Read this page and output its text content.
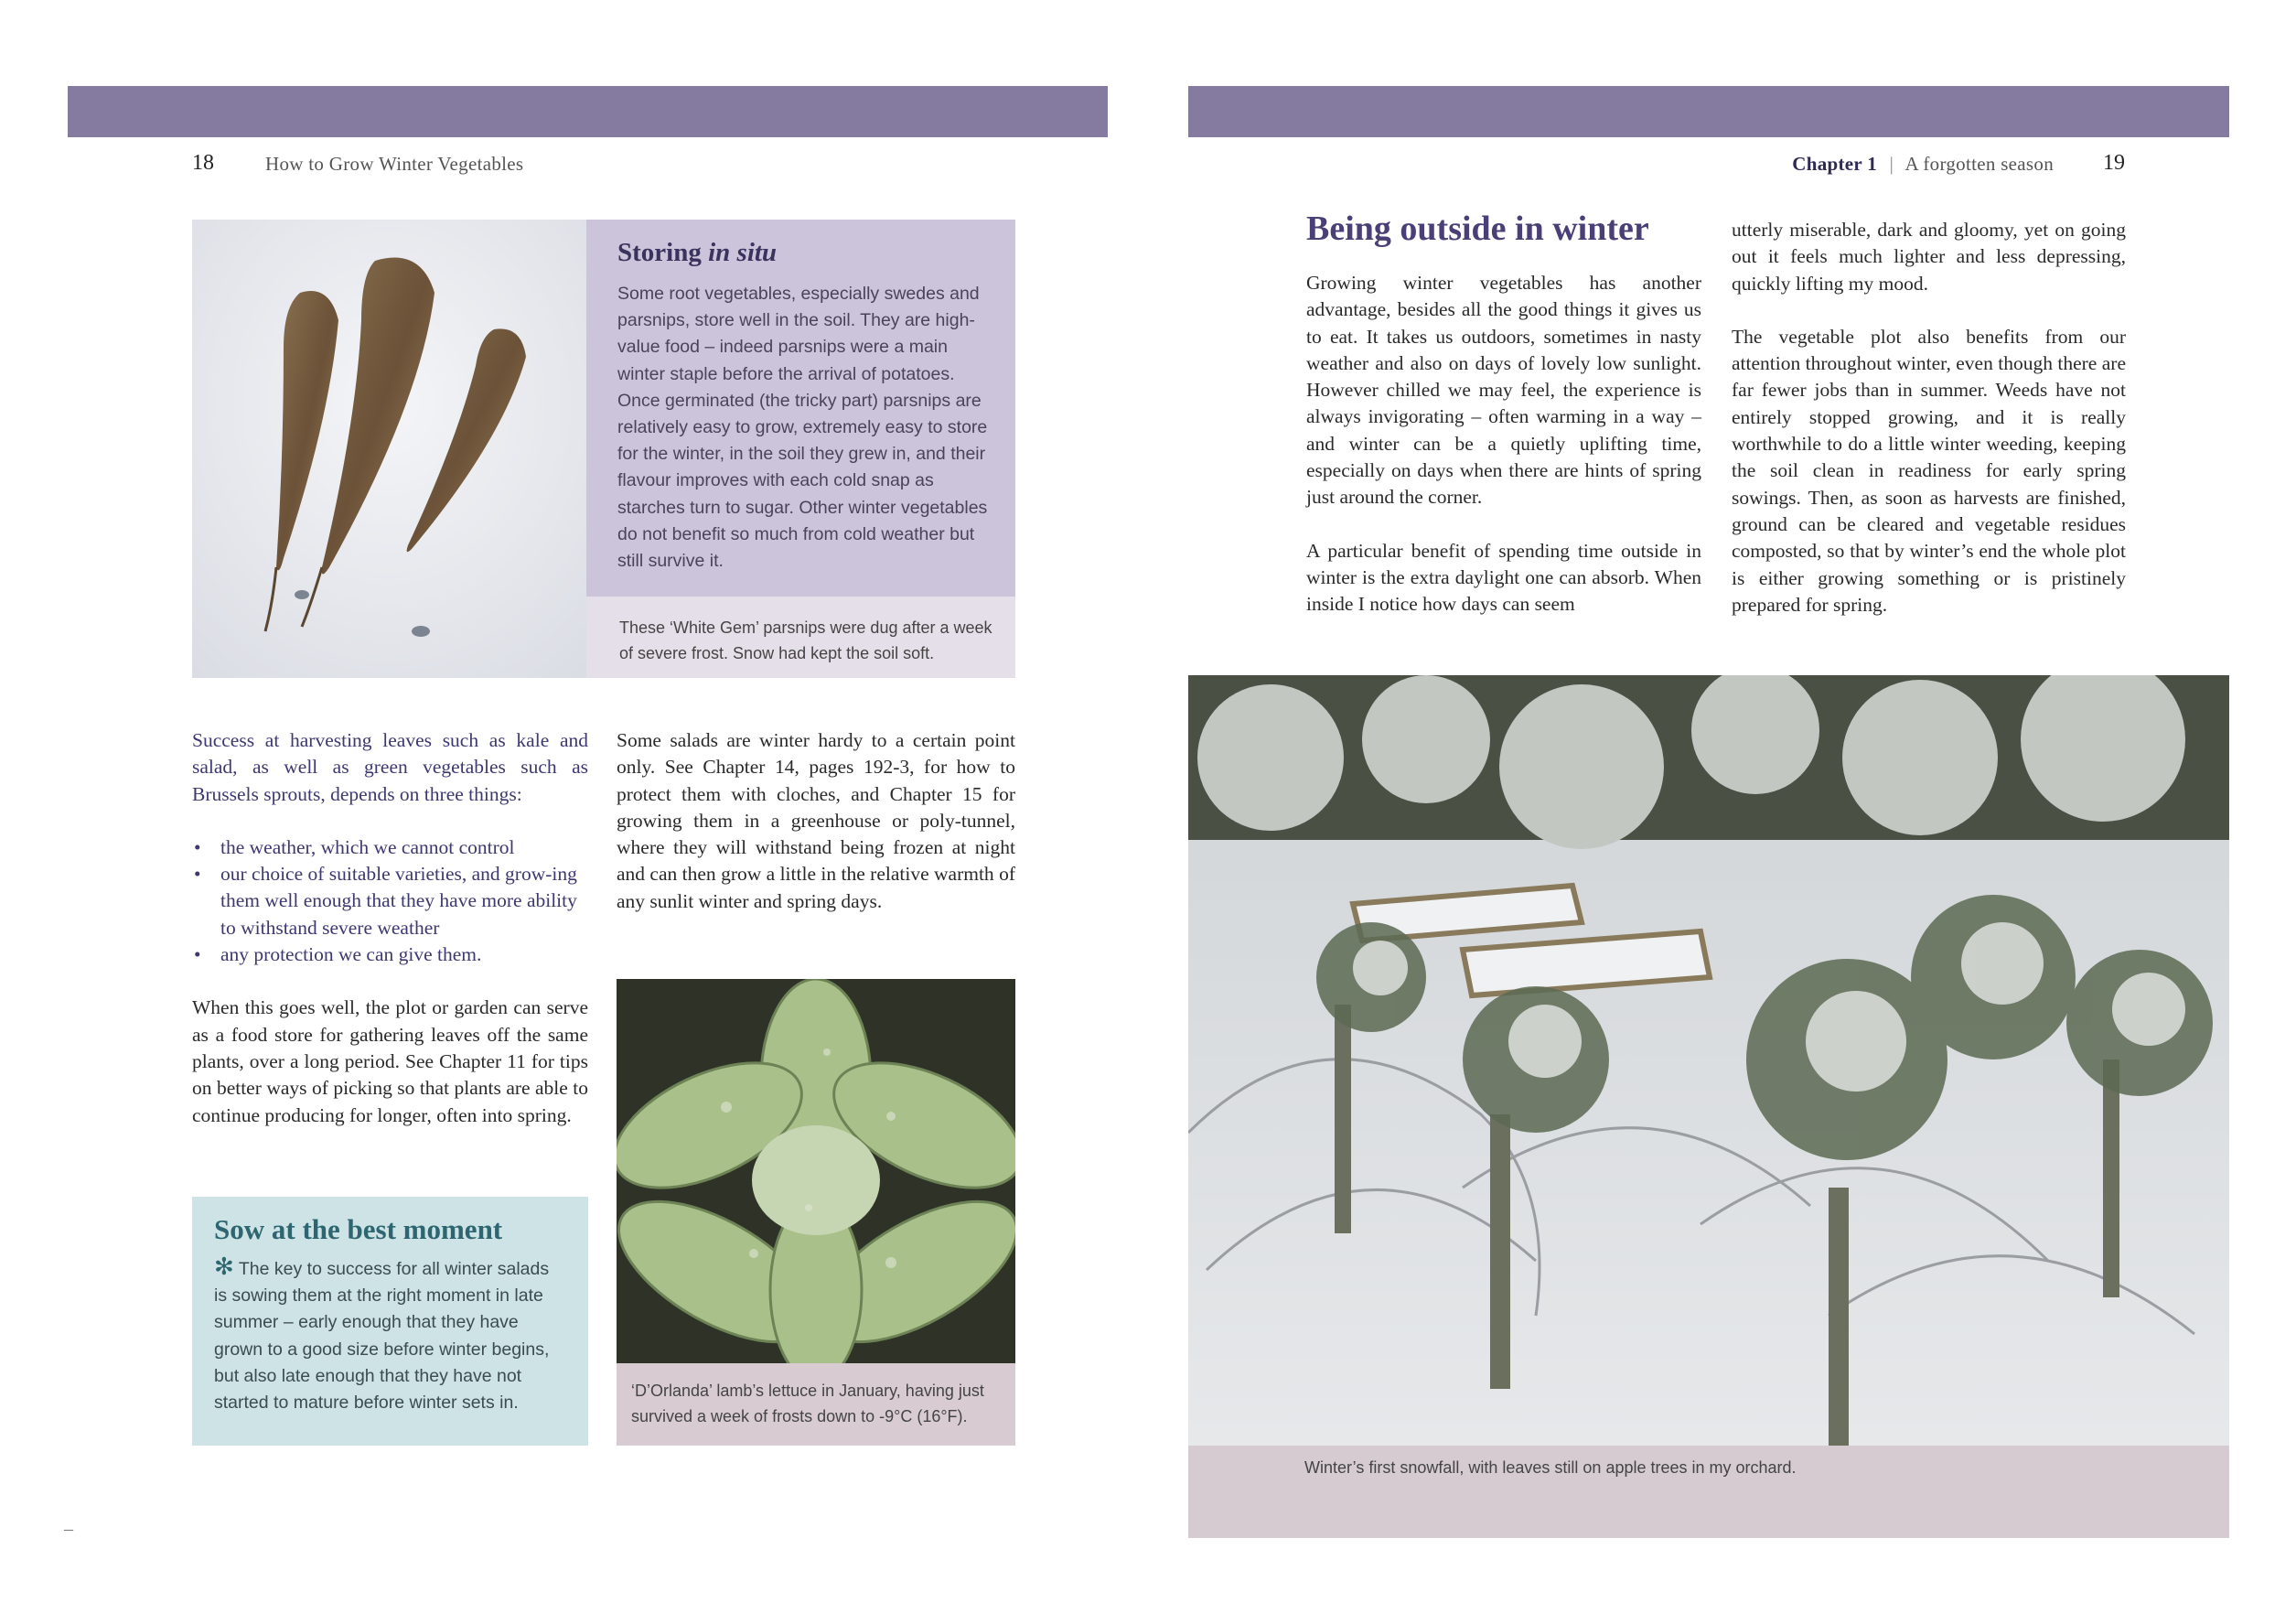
18	How to Grow Winter Vegetables
Storing in situ
Some root vegetables, especially swedes and parsnips, store well in the soil. They are high-value food – indeed parsnips were a main winter staple before the arrival of potatoes. Once germinated (the tricky part) parsnips are relatively easy to grow, extremely easy to store for the winter, in the soil they grew in, and their flavour improves with each cold snap as starches turn to sugar. Other winter vegetables do not benefit so much from cold weather but still survive it.
These ‘White Gem’ parsnips were dug after a week of severe frost. Snow had kept the soil soft.

Success at harvesting leaves such as kale and salad, as well as green vegetables such as Brussels sprouts, depends on three things:

• the weather, which we cannot control
• our choice of suitable varieties, and grow-ing them well enough that they have more ability to withstand severe weather
• any protection we can give them.

When this goes well, the plot or garden can serve as a food store for gathering leaves off the same plants, over a long period. See Chapter 11 for tips on better ways of picking so that plants are able to continue producing for longer, often into spring.

Sow at the best moment
✻ The key to success for all winter salads is sowing them at the right moment in late summer – early enough that they have grown to a good size before winter begins, but also late enough that they have not started to mature before winter sets in.
Some salads are winter hardy to a certain point only. See Chapter 14, pages 192-3, for how to protect them with cloches, and Chapter 15 for growing them in a greenhouse or poly-tunnel, where they will withstand being frozen at night and can then grow a little in the relative warmth of any sunlit winter and spring days.
‘D’Orlanda’ lamb’s lettuce in January, having just survived a week of frosts down to -9°C (16°F).
–
Chapter 1 | A forgotten season 19
Being outside in winter

Growing winter vegetables has another advantage, besides all the good things it gives us to eat. It takes us outdoors, sometimes in nasty weather and also on days of lovely low sunlight. However chilled we may feel, the experience is always invigorating – often warming in a way – and winter can be a quietly uplifting time, especially on days when there are hints of spring just around the corner.

A particular benefit of spending time outside in winter is the extra daylight one can absorb. When inside I notice how days can seem

utterly miserable, dark and gloomy, yet on going out it feels much lighter and less depressing, quickly lifting my mood.

The vegetable plot also benefits from our attention throughout winter, even though there are far fewer jobs than in summer. Weeds have not entirely stopped growing, and it is really worthwhile to do a little winter weeding, keeping the soil clean in readiness for early spring sowings. Then, as soon as harvests are finished, ground can be cleared and vegetable residues composted, so that by winter’s end the whole plot is either growing something or is pristinely prepared for spring.

Winter’s first snowfall, with leaves still on apple trees in my orchard.
